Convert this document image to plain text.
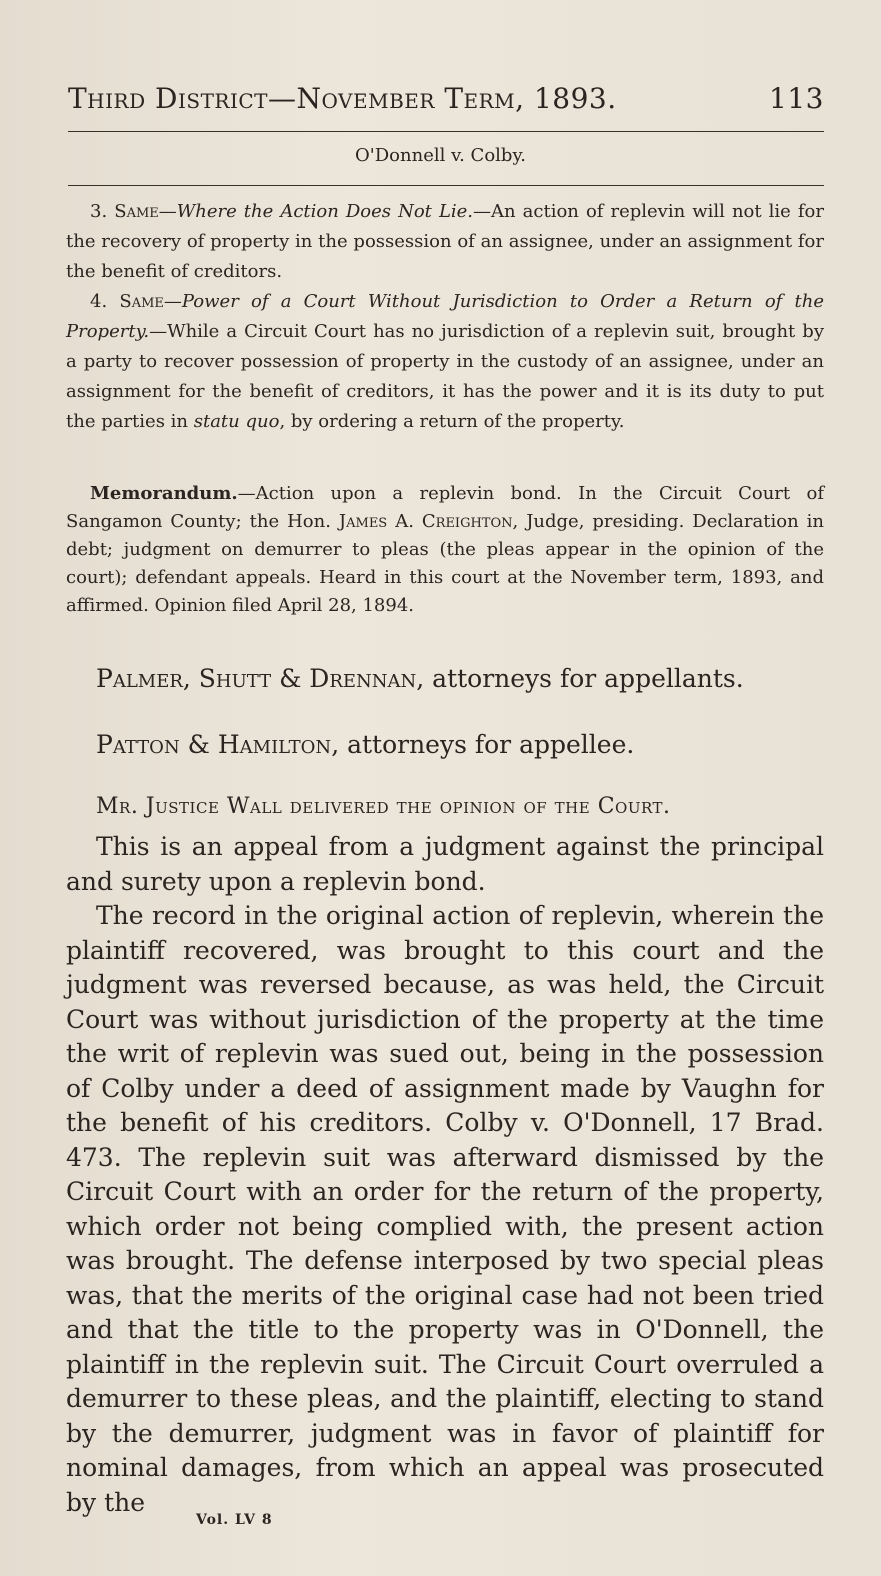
Third District—November Term, 1893.	113
O'Donnell v. Colby.

3. Same—Where the Action Does Not Lie.—An action of replevin will not lie for the recovery of property in the possession of an assignee, under an assignment for the benefit of creditors.

4. Same—Power of a Court Without Jurisdiction to Order a Return of the Property.—While a Circuit Court has no jurisdiction of a replevin suit, brought by a party to recover possession of property in the custody of an assignee, under an assignment for the benefit of creditors, it has the power and it is its duty to put the parties in statu quo, by ordering a return of the property.

Memorandum.—Action upon a replevin bond. In the Circuit Court of Sangamon County; the Hon. James A. Creighton, Judge, presiding. Declaration in debt; judgment on demurrer to pleas (the pleas appear in the opinion of the court); defendant appeals. Heard in this court at the November term, 1893, and affirmed. Opinion filed April 28, 1894.
Palmer, Shutt & Drennan, attorneys for appellants.
Patton & Hamilton, attorneys for appellee.
Mr. Justice Wall delivered the opinion of the Court.

This is an appeal from a judgment against the principal and surety upon a replevin bond.

The record in the original action of replevin, wherein the plaintiff recovered, was brought to this court and the judgment was reversed because, as was held, the Circuit Court was without jurisdiction of the property at the time the writ of replevin was sued out, being in the possession of Colby under a deed of assignment made by Vaughn for the benefit of his creditors. Colby v. O'Donnell, 17 Brad. 473. The replevin suit was afterward dismissed by the Circuit Court with an order for the return of the property, which order not being complied with, the present action was brought. The defense interposed by two special pleas was, that the merits of the original case had not been tried and that the title to the property was in O'Donnell, the plaintiff in the replevin suit. The Circuit Court overruled a demurrer to these pleas, and the plaintiff, electing to stand by the demurrer, judgment was in favor of plaintiff for nominal damages, from which an appeal was prosecuted by the

Vol. LV 8
